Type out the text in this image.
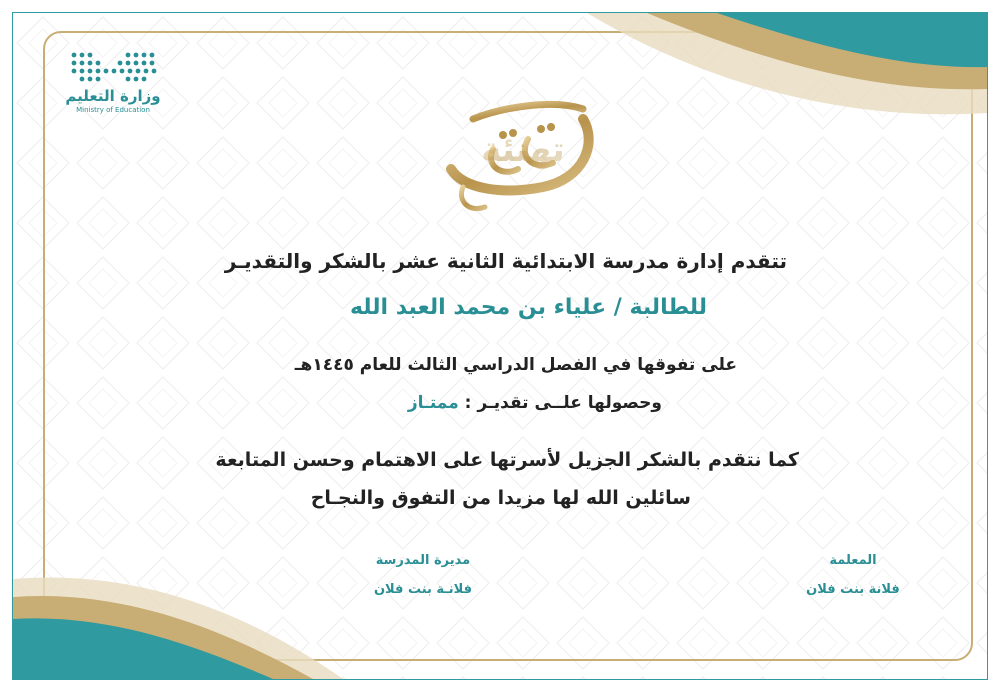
وزارة التعليم
Ministry of Education
تهنئة
تتقدم إدارة مدرسة الابتدائية الثانية عشر بالشكر والتقديـر
للطالبة / علياء بن محمد العبد الله
على تفوقها في الفصل الدراسي الثالث للعام ١٤٤٥هـ
وحصولها علــى تقديـر : ممتـاز
كما نتقدم بالشكر الجزيل لأسرتها على الاهتمام وحسن المتابعة
سائلين الله لها مزيدا من التفوق والنجـاح
مديرة المدرسة
فلانـة بنت فلان
المعلمة
فلانة بنت فلان
